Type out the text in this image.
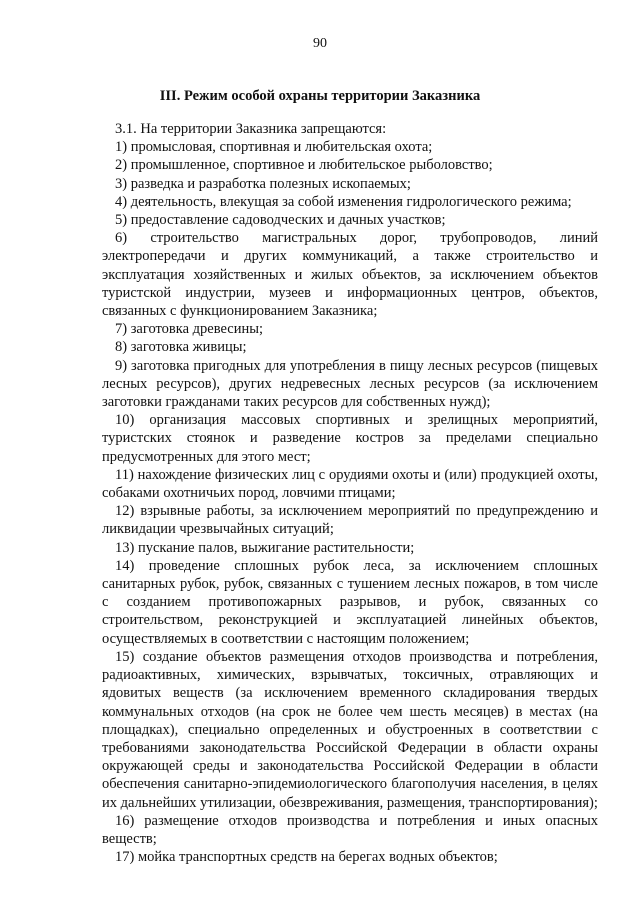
90
III. Режим особой охраны территории Заказника

3.1. На территории Заказника запрещаются:

1) промысловая, спортивная и любительская охота;

2) промышленное, спортивное и любительское рыболовство;

3) разведка и разработка полезных ископаемых;

4) деятельность, влекущая за собой изменения гидрологического режима;

5) предоставление садоводческих и дачных участков;

6) строительство магистральных дорог, трубопроводов, линий электропередачи и других коммуникаций, а также строительство и эксплуатация хозяйственных и жилых объектов, за исключением объектов туристской индустрии, музеев и информационных центров, объектов, связанных с функционированием Заказника;

7) заготовка древесины;

8) заготовка живицы;

9) заготовка пригодных для употребления в пищу лесных ресурсов (пищевых лесных ресурсов), других недревесных лесных ресурсов (за исключением заготовки гражданами таких ресурсов для собственных нужд);

10) организация массовых спортивных и зрелищных мероприятий, туристских стоянок и разведение костров за пределами специально предусмотренных для этого мест;

11) нахождение физических лиц с орудиями охоты и (или) продукцией охоты, собаками охотничьих пород, ловчими птицами;

12) взрывные работы, за исключением мероприятий по предупреждению и ликвидации чрезвычайных ситуаций;

13) пускание палов, выжигание растительности;

14) проведение сплошных рубок леса, за исключением сплошных санитарных рубок, рубок, связанных с тушением лесных пожаров, в том числе с созданием противопожарных разрывов, и рубок, связанных со строительством, реконструкцией и эксплуатацией линейных объектов, осуществляемых в соответствии с настоящим положением;

15) создание объектов размещения отходов производства и потребления, радиоактивных, химических, взрывчатых, токсичных, отравляющих и ядовитых веществ (за исключением временного складирования твердых коммунальных отходов (на срок не более чем шесть месяцев) в местах (на площадках), специально определенных и обустроенных в соответствии с требованиями законодательства Российской Федерации в области охраны окружающей среды и законодательства Российской Федерации в области обеспечения санитарно-эпидемиологического благополучия населения, в целях их дальнейших утилизации, обезвреживания, размещения, транспортирования);

16) размещение отходов производства и потребления и иных опасных веществ;

17) мойка транспортных средств на берегах водных объектов;
